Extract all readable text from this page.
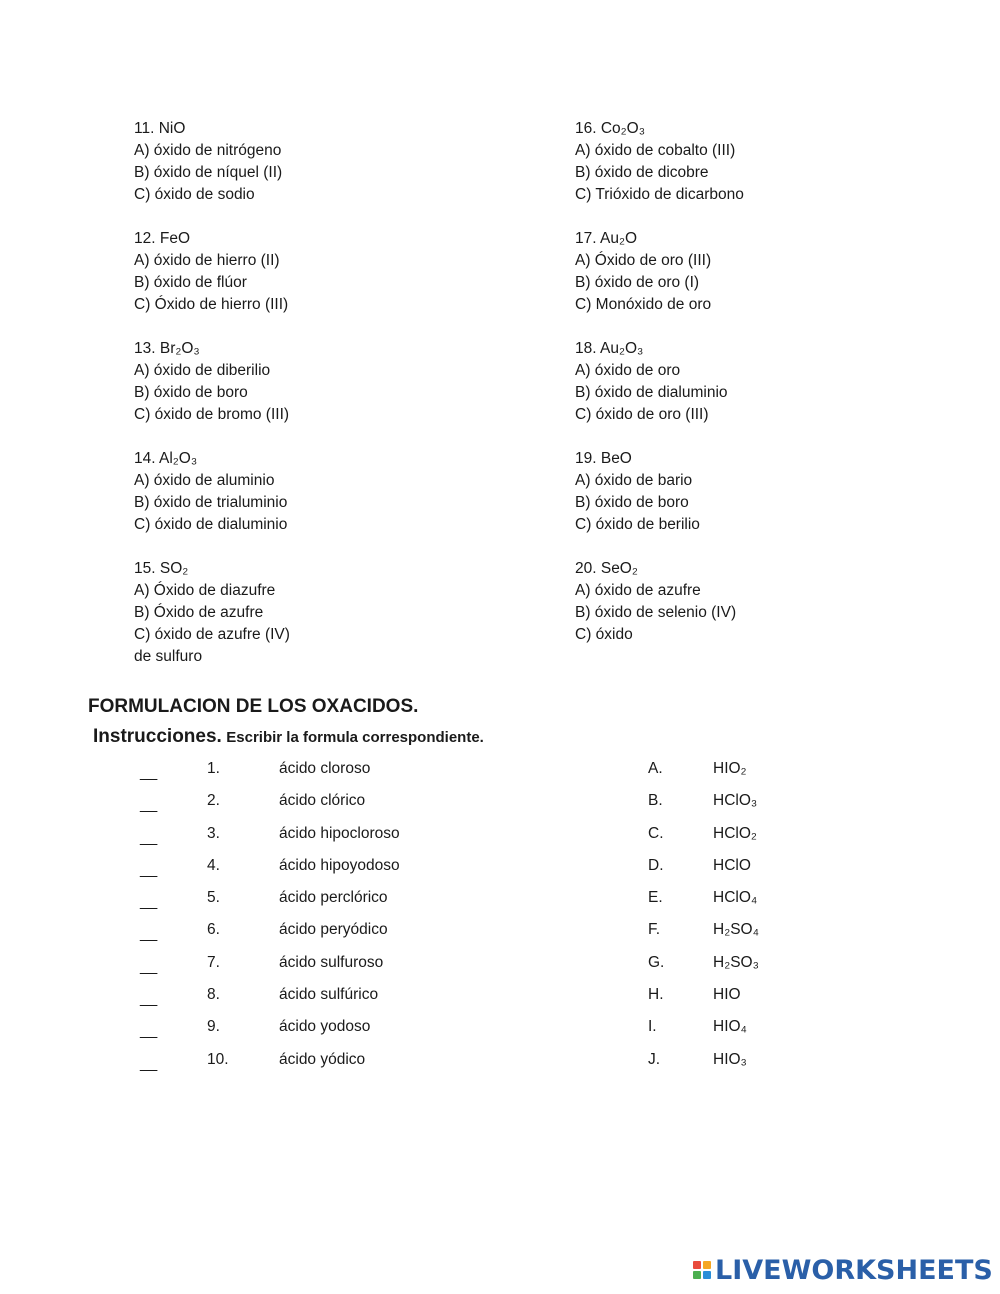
11. NiO
A) óxido de nitrógeno
B) óxido de níquel (II)
C) óxido de sodio
12. FeO
A) óxido de hierro (II)
B) óxido de flúor
C) Óxido de hierro (III)
13. Br₂O₃
A) óxido de diberilio
B) óxido de boro
C) óxido de bromo (III)
14. Al₂O₃
A) óxido de aluminio
B) óxido de trialuminio
C) óxido de dialuminio
15. SO₂
A) Óxido de diazufre
B) Óxido de azufre
C) óxido de azufre (IV)
de sulfuro
16. Co₂O₃
A) óxido de cobalto (III)
B) óxido de dicobre
C) Trióxido de dicarbono
17. Au₂O
A) Óxido de oro (III)
B) óxido de oro (I)
C) Monóxido de oro
18. Au₂O₃
A) óxido de oro
B) óxido de dialuminio
C) óxido de oro (III)
19. BeO
A) óxido de bario
B) óxido de boro
C) óxido de berilio
20. SeO₂
A) óxido de azufre
B) óxido de selenio (IV)
C) óxido
FORMULACION DE LOS OXACIDOS.
Instrucciones. Escribir la formula correspondiente.
__	1.	ácido cloroso	A.	HIO₂
__	2.	ácido clórico	B.	HClO₃
__	3.	ácido hipocloroso	C.	HClO₂
__	4.	ácido hipoyodoso	D.	HClO
__	5.	ácido perclórico	E.	HClO₄
__	6.	ácido peryódico	F.	H₂SO₄
__	7.	ácido sulfuroso	G.	H₂SO₃
__	8.	ácido sulfúrico	H.	HIO
__	9.	ácido yodoso	I.	HIO₄
__	10.	ácido yódico	J.	HIO₃
LIVEWORKSHEETS
